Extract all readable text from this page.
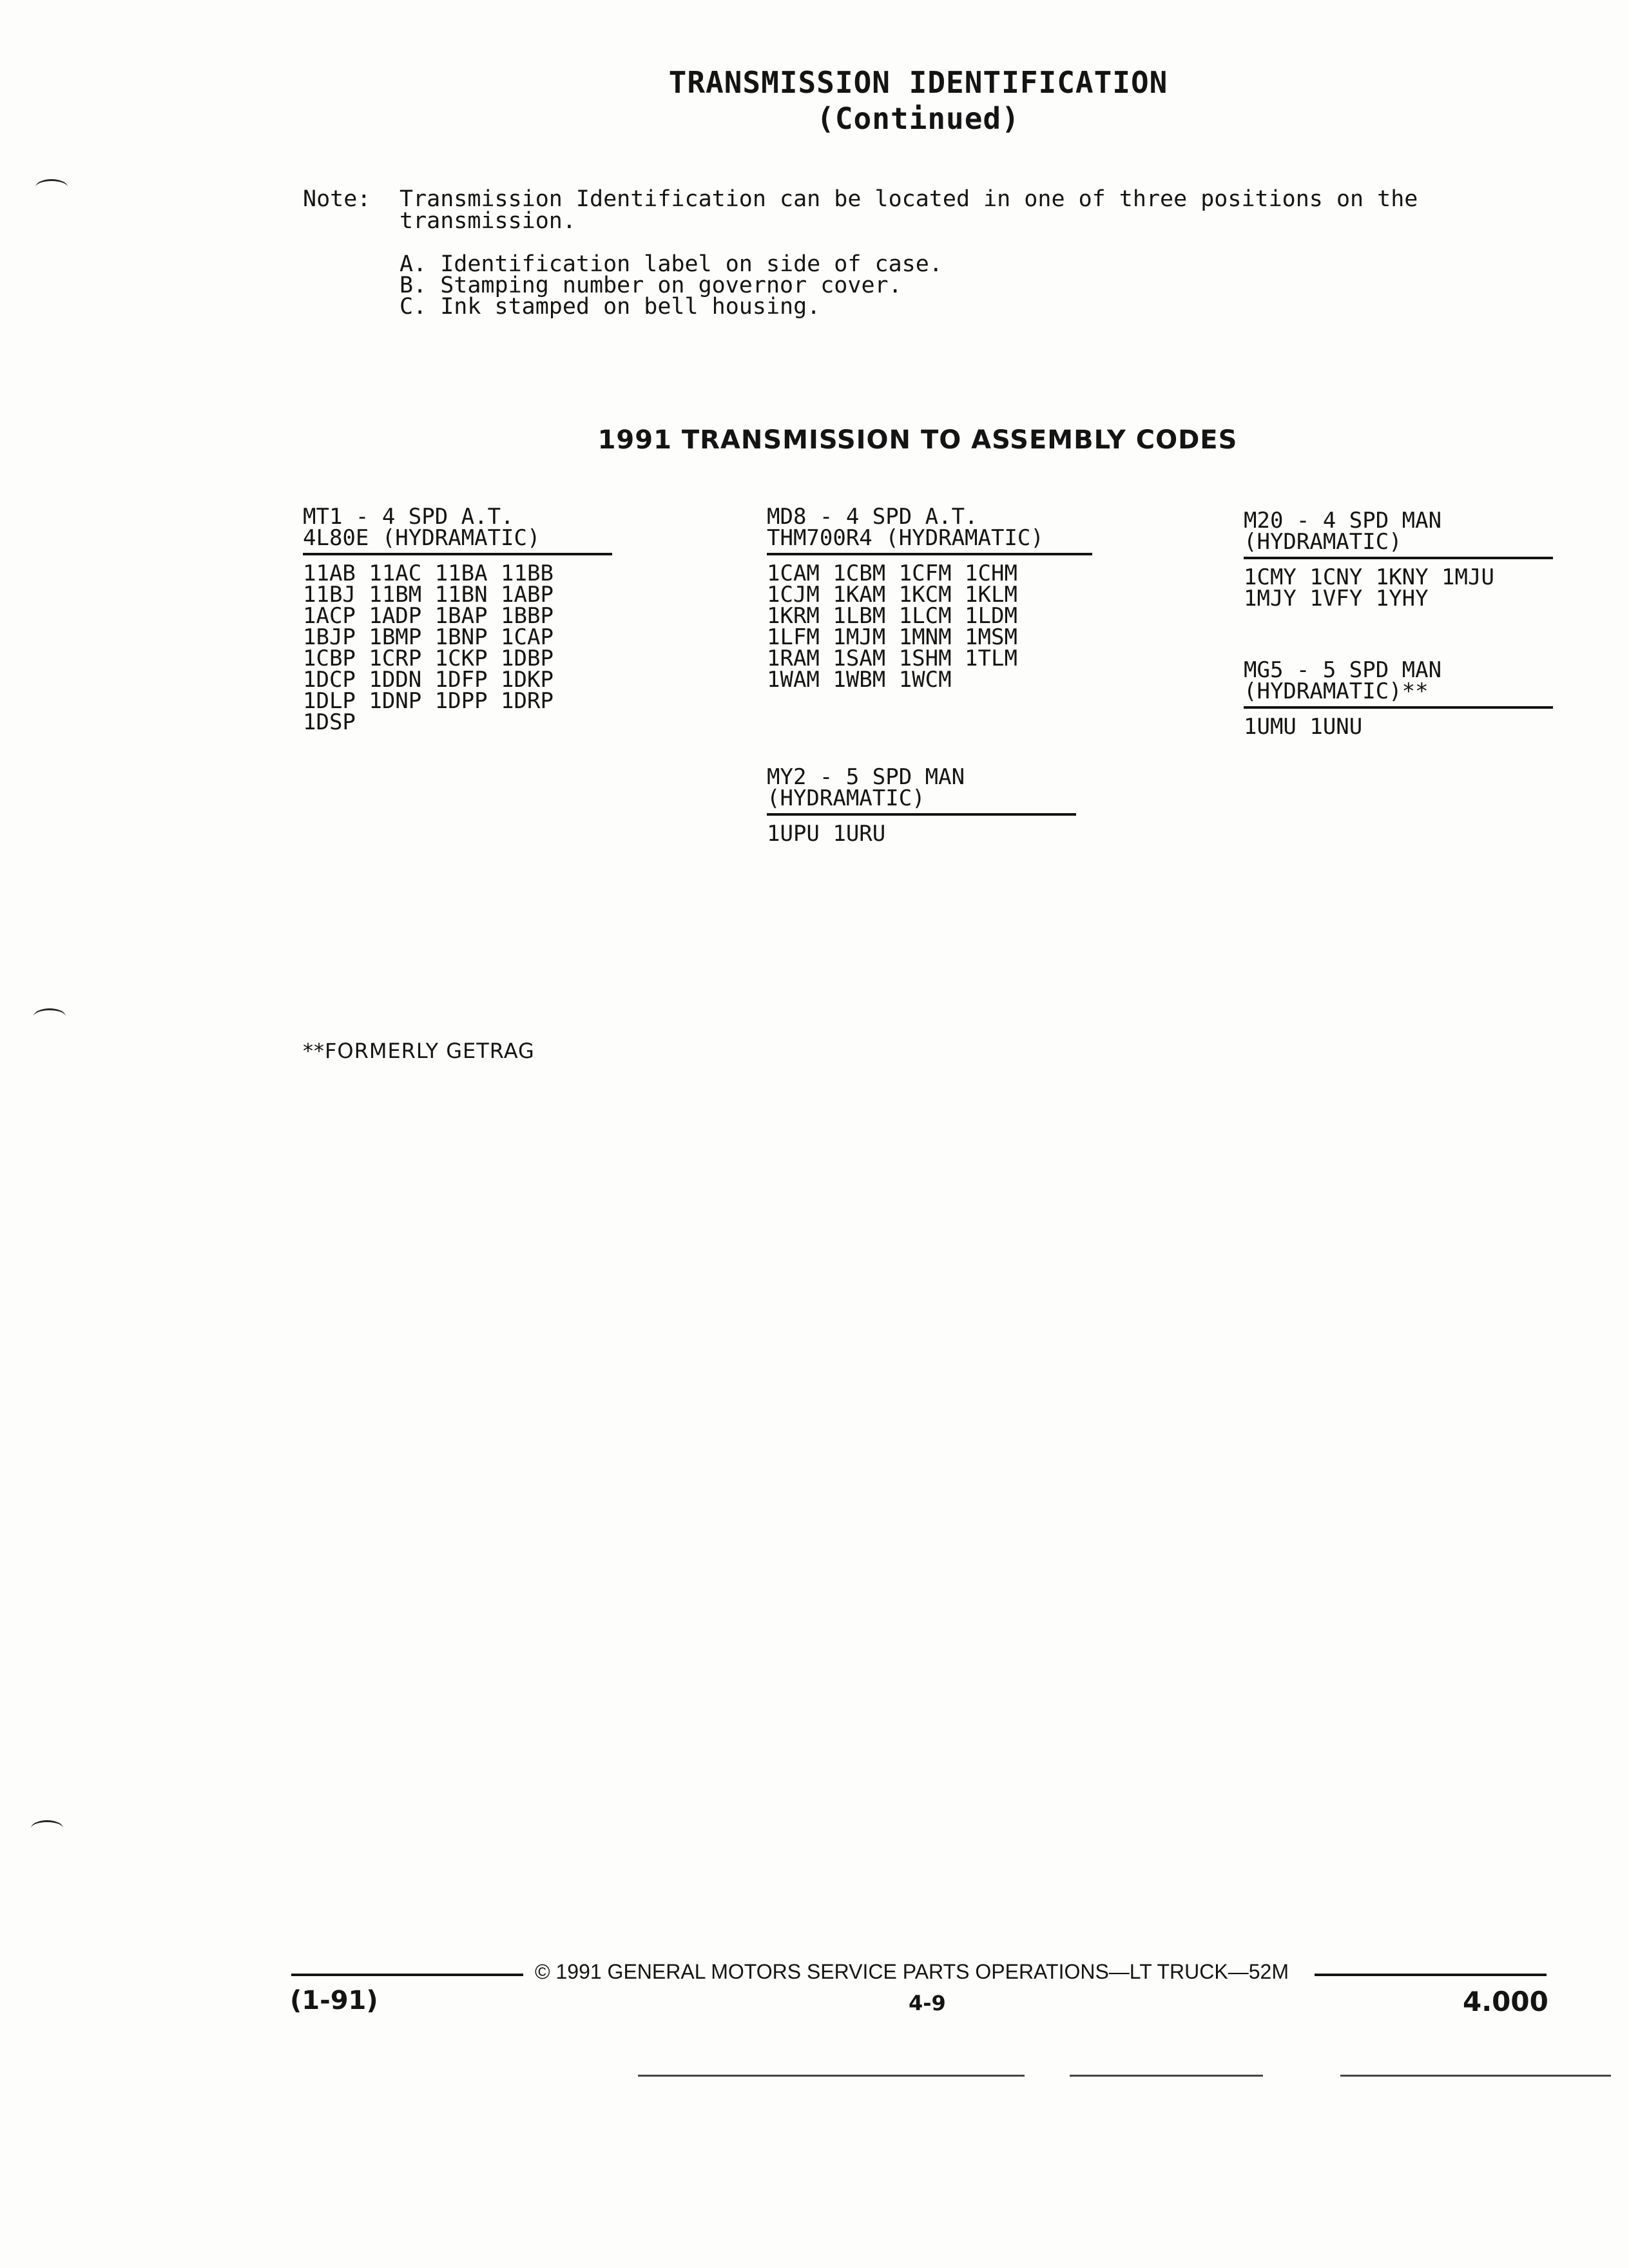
TRANSMISSION IDENTIFICATION
(Continued)
Note:	Transmission Identification can be located in one of three positions on the transmission.
A. Identification label on side of case.
B. Stamping number on governor cover.
C. Ink stamped on bell housing.
1991 TRANSMISSION TO ASSEMBLY CODES
MT1 - 4 SPD A.T.
4L80E (HYDRAMATIC)
11AB 11AC 11BA 11BB
11BJ 11BM 11BN 1ABP
1ACP 1ADP 1BAP 1BBP
1BJP 1BMP 1BNP 1CAP
1CBP 1CRP 1CKP 1DBP
1DCP 1DDN 1DFP 1DKP
1DLP 1DNP 1DPP 1DRP
1DSP
MD8 - 4 SPD A.T.
THM700R4 (HYDRAMATIC)
1CAM 1CBM 1CFM 1CHM
1CJM 1KAM 1KCM 1KLM
1KRM 1LBM 1LCM 1LDM
1LFM 1MJM 1MNM 1MSM
1RAM 1SAM 1SHM 1TLM
1WAM 1WBM 1WCM
MY2 - 5 SPD MAN
(HYDRAMATIC)
1UPU 1URU
M20 - 4 SPD MAN
(HYDRAMATIC)
1CMY 1CNY 1KNY 1MJU
1MJY 1VFY 1YHY
MG5 - 5 SPD MAN
(HYDRAMATIC)**
1UMU 1UNU
**FORMERLY GETRAG
© 1991 GENERAL MOTORS SERVICE PARTS OPERATIONS—LT TRUCK—52M
(1-91)	4-9	4.000
